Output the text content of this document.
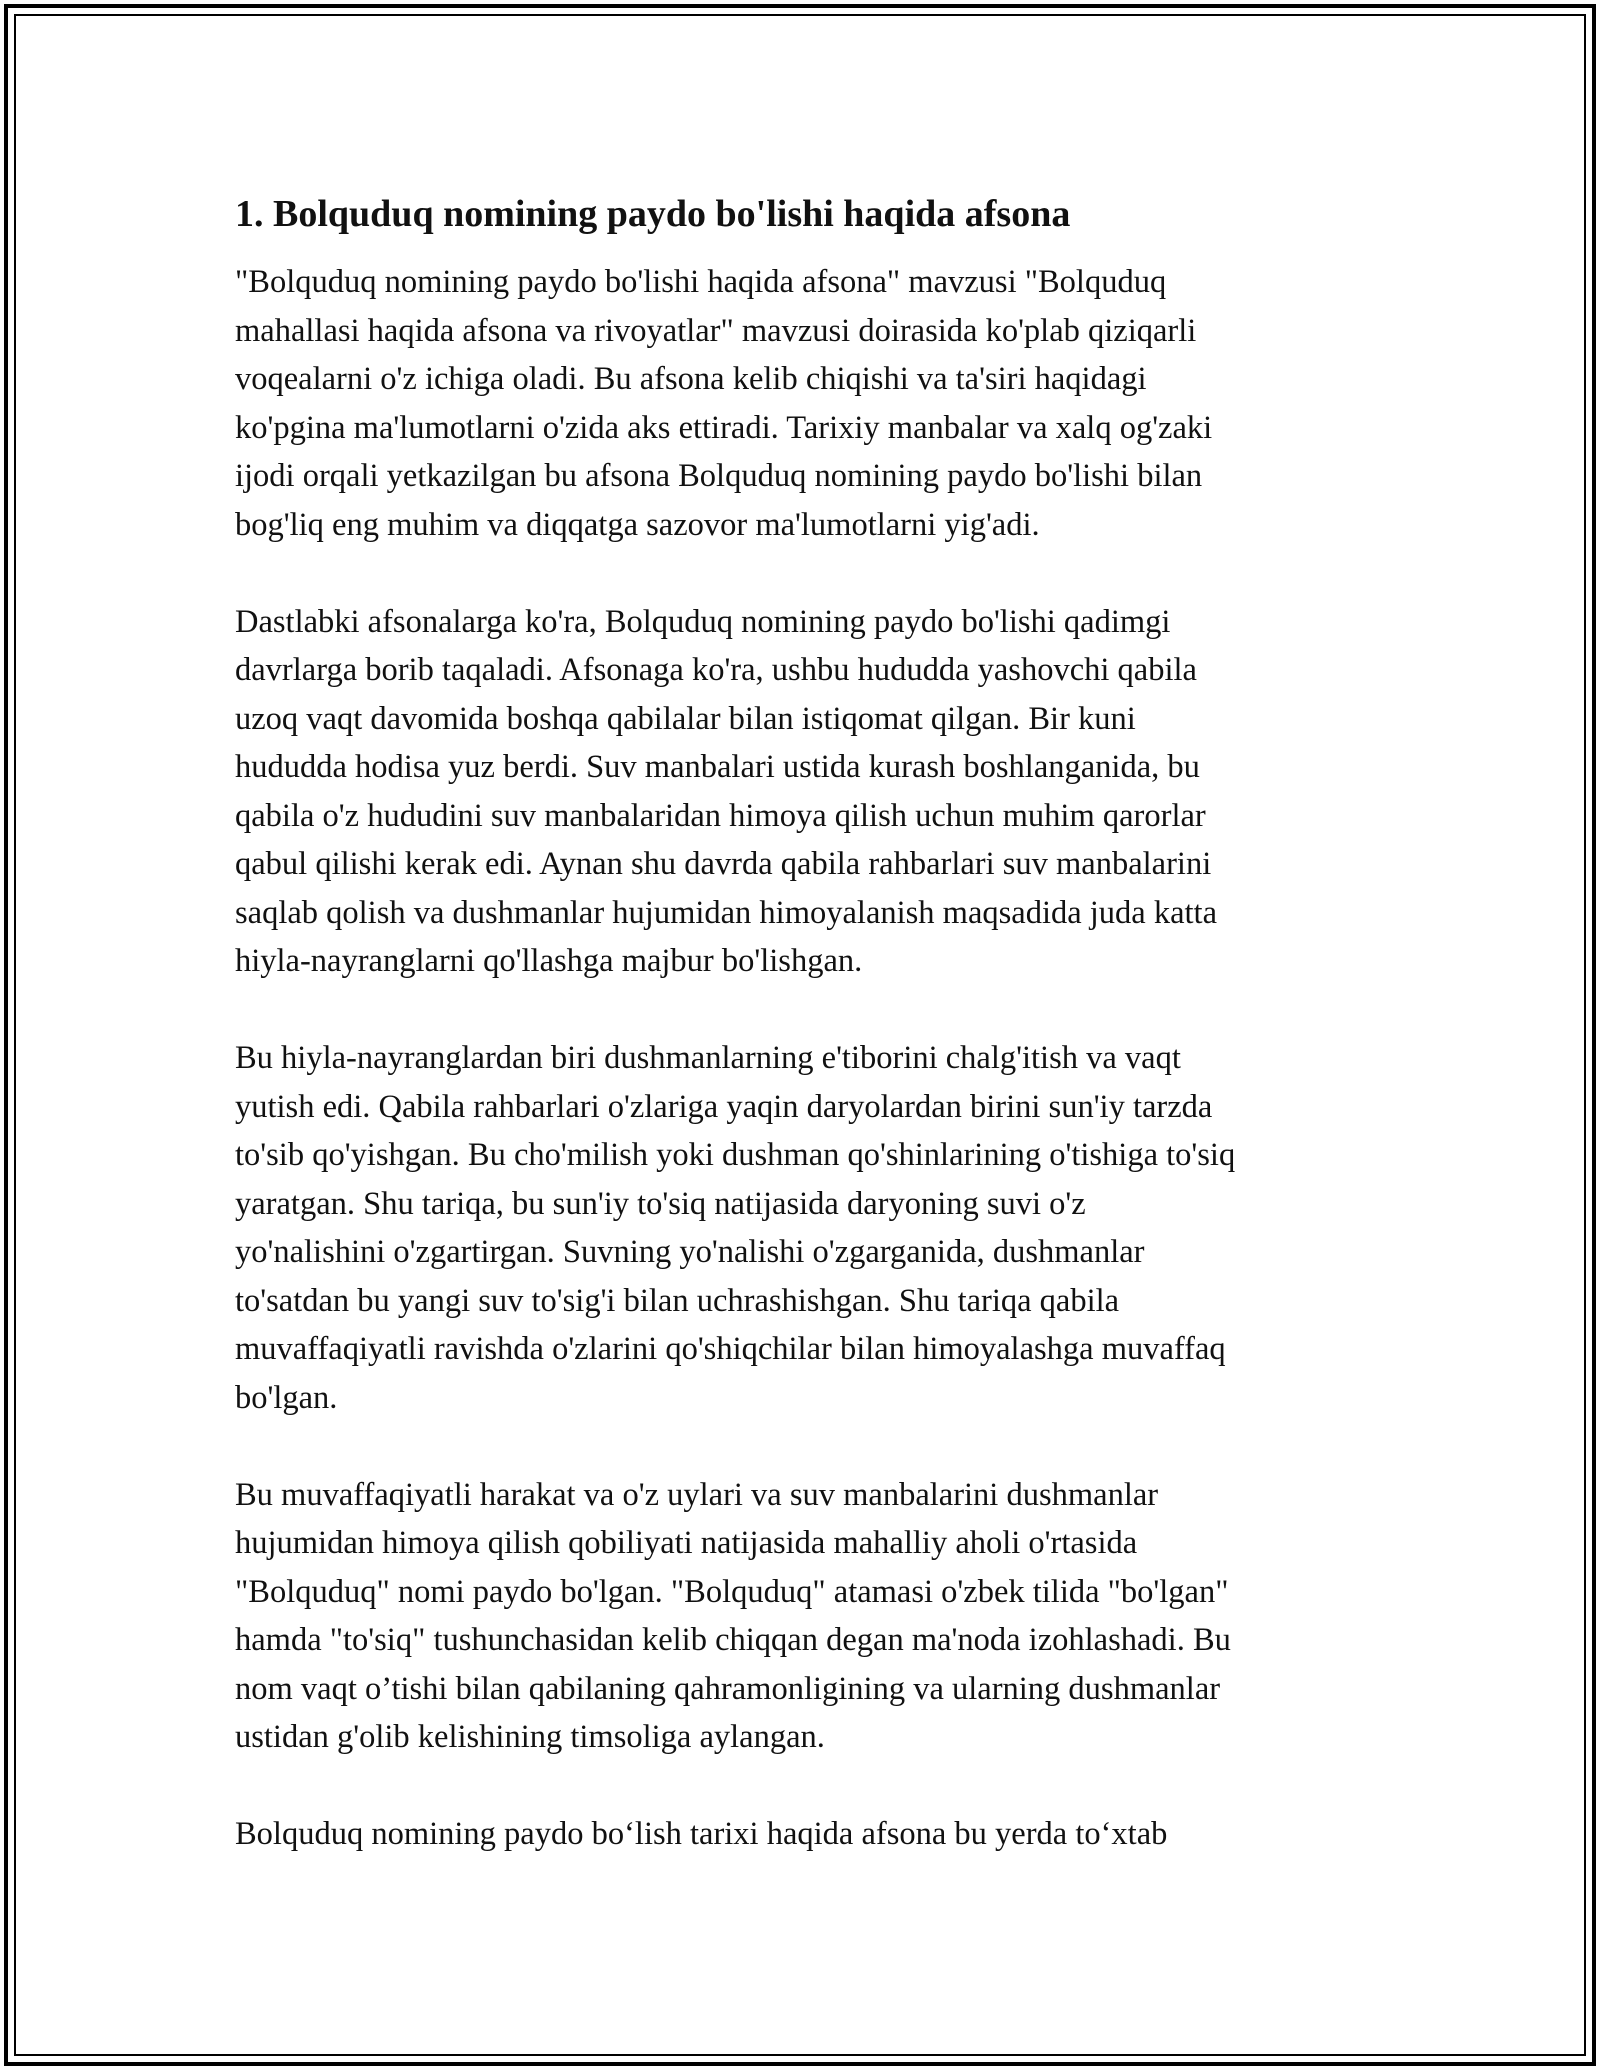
1. Bolquduq nomining paydo bo'lishi haqida afsona
"Bolquduq nomining paydo bo'lishi haqida afsona" mavzusi "Bolquduq
mahallasi haqida afsona va rivoyatlar" mavzusi doirasida ko'plab qiziqarli
voqealarni o'z ichiga oladi. Bu afsona kelib chiqishi va ta'siri haqidagi
ko'pgina ma'lumotlarni o'zida aks ettiradi. Tarixiy manbalar va xalq og'zaki
ijodi orqali yetkazilgan bu afsona Bolquduq nomining paydo bo'lishi bilan
bog'liq eng muhim va diqqatga sazovor ma'lumotlarni yig'adi.
Dastlabki afsonalarga ko'ra, Bolquduq nomining paydo bo'lishi qadimgi
davrlarga borib taqaladi. Afsonaga ko'ra, ushbu hududda yashovchi qabila
uzoq vaqt davomida boshqa qabilalar bilan istiqomat qilgan. Bir kuni
hududda hodisa yuz berdi. Suv manbalari ustida kurash boshlanganida, bu
qabila o'z hududini suv manbalaridan himoya qilish uchun muhim qarorlar
qabul qilishi kerak edi. Aynan shu davrda qabila rahbarlari suv manbalarini
saqlab qolish va dushmanlar hujumidan himoyalanish maqsadida juda katta
hiyla-nayranglarni qo'llashga majbur bo'lishgan.
Bu hiyla-nayranglardan biri dushmanlarning e'tiborini chalg'itish va vaqt
yutish edi. Qabila rahbarlari o'zlariga yaqin daryolardan birini sun'iy tarzda
to'sib qo'yishgan. Bu cho'milish yoki dushman qo'shinlarining o'tishiga to'siq
yaratgan. Shu tariqa, bu sun'iy to'siq natijasida daryoning suvi o'z
yo'nalishini o'zgartirgan. Suvning yo'nalishi o'zgarganida, dushmanlar
to'satdan bu yangi suv to'sig'i bilan uchrashishgan. Shu tariqa qabila
muvaffaqiyatli ravishda o'zlarini qo'shiqchilar bilan himoyalashga muvaffaq
bo'lgan.
Bu muvaffaqiyatli harakat va o'z uylari va suv manbalarini dushmanlar
hujumidan himoya qilish qobiliyati natijasida mahalliy aholi o'rtasida
"Bolquduq" nomi paydo bo'lgan. "Bolquduq" atamasi o'zbek tilida "bo'lgan"
hamda "to'siq" tushunchasidan kelib chiqqan degan ma'noda izohlashadi. Bu
nom vaqt o’tishi bilan qabilaning qahramonligining va ularning dushmanlar
ustidan g'olib kelishining timsoliga aylangan.
Bolquduq nomining paydo bo‘lish tarixi haqida afsona bu yerda to‘xtab
